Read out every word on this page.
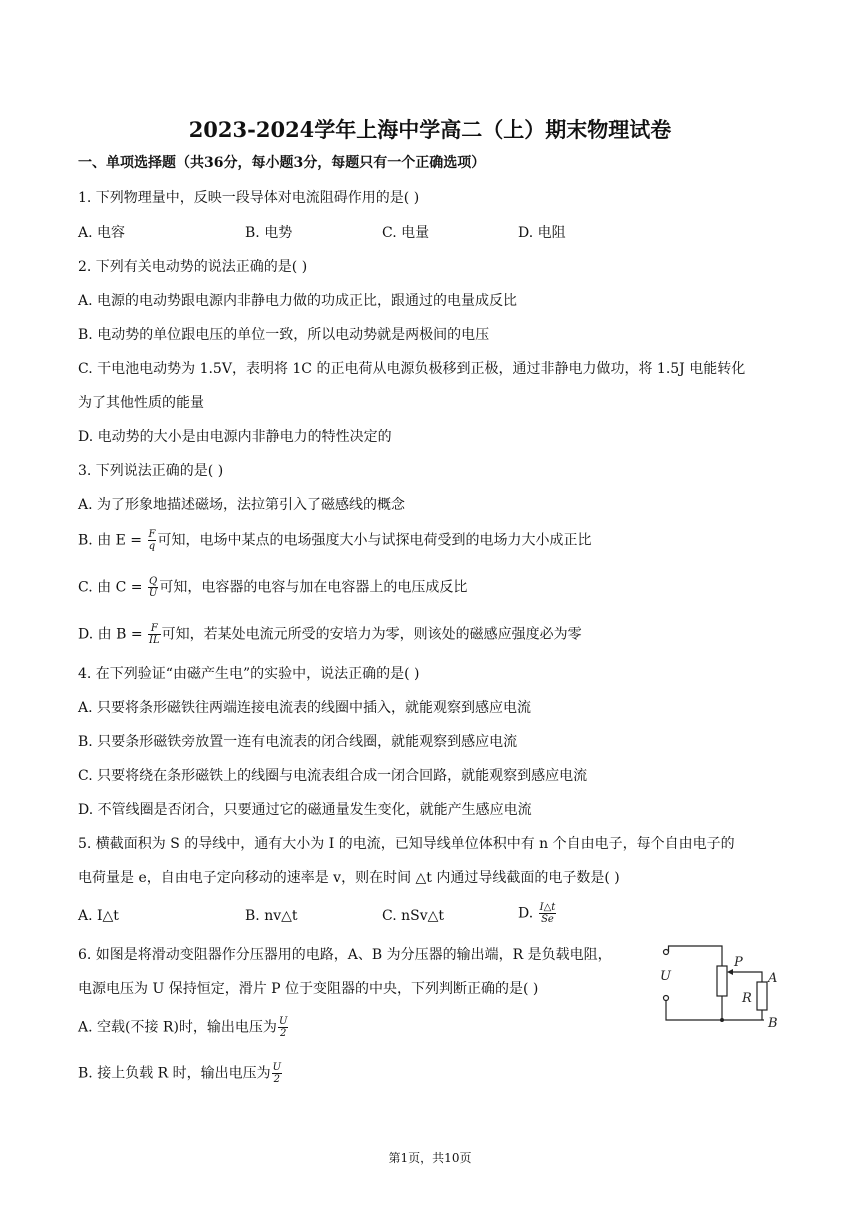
2023-2024学年上海中学高二（上）期末物理试卷
一、单项选择题（共36分，每小题3分，每题只有一个正确选项）
1. 下列物理量中，反映一段导体对电流阻碍作用的是( )
A. 电容	B. 电势	C. 电量	D. 电阻
2. 下列有关电动势的说法正确的是( )
A. 电源的电动势跟电源内非静电力做的功成正比，跟通过的电量成反比
B. 电动势的单位跟电压的单位一致，所以电动势就是两极间的电压
C. 干电池电动势为 1.5V，表明将 1C 的正电荷从电源负极移到正极，通过非静电力做功，将 1.5J 电能转化
为了其他性质的能量
D. 电动势的大小是由电源内非静电力的特性决定的
3. 下列说法正确的是( )
A. 为了形象地描述磁场，法拉第引入了磁感线的概念
B. 由 $E = \frac{F}{q}$ 可知，电场中某点的电场强度大小与试探电荷受到的电场力大小成正比
C. 由 $C = \frac{Q}{U}$ 可知，电容器的电容与加在电容器上的电压成反比
D. 由 $B = \frac{F}{IL}$ 可知，若某处电流元所受的安培力为零，则该处的磁感应强度必为零
4. 在下列验证“由磁产生电”的实验中，说法正确的是( )
A. 只要将条形磁铁往两端连接电流表的线圈中插入，就能观察到感应电流
B. 只要条形磁铁旁放置一连有电流表的闭合线圈，就能观察到感应电流
C. 只要将绕在条形磁铁上的线圈与电流表组合成一闭合回路，就能观察到感应电流
D. 不管线圈是否闭合，只要通过它的磁通量发生变化，就能产生感应电流
5. 横截面积为 S 的导线中，通有大小为 I 的电流，已知导线单位体积中有 n 个自由电子，每个自由电子的
电荷量是 e，自由电子定向移动的速率是 v，则在时间 △t 内通过导线截面的电子数是( )
A. I△t	B. nv△t	C. nSv△t	D. $\frac{I\triangle t}{Se}$
6. 如图是将滑动变阻器作分压器用的电路，A、B 为分压器的输出端，R 是负载电阻，
电源电压为 U 保持恒定，滑片 P 位于变阻器的中央，下列判断正确的是( )
A. 空载(不接 R)时，输出电压为 $\frac{U}{2}$
B. 接上负载 R 时，输出电压为 $\frac{U}{2}$
U
P
A
R
B
第1页，共10页
